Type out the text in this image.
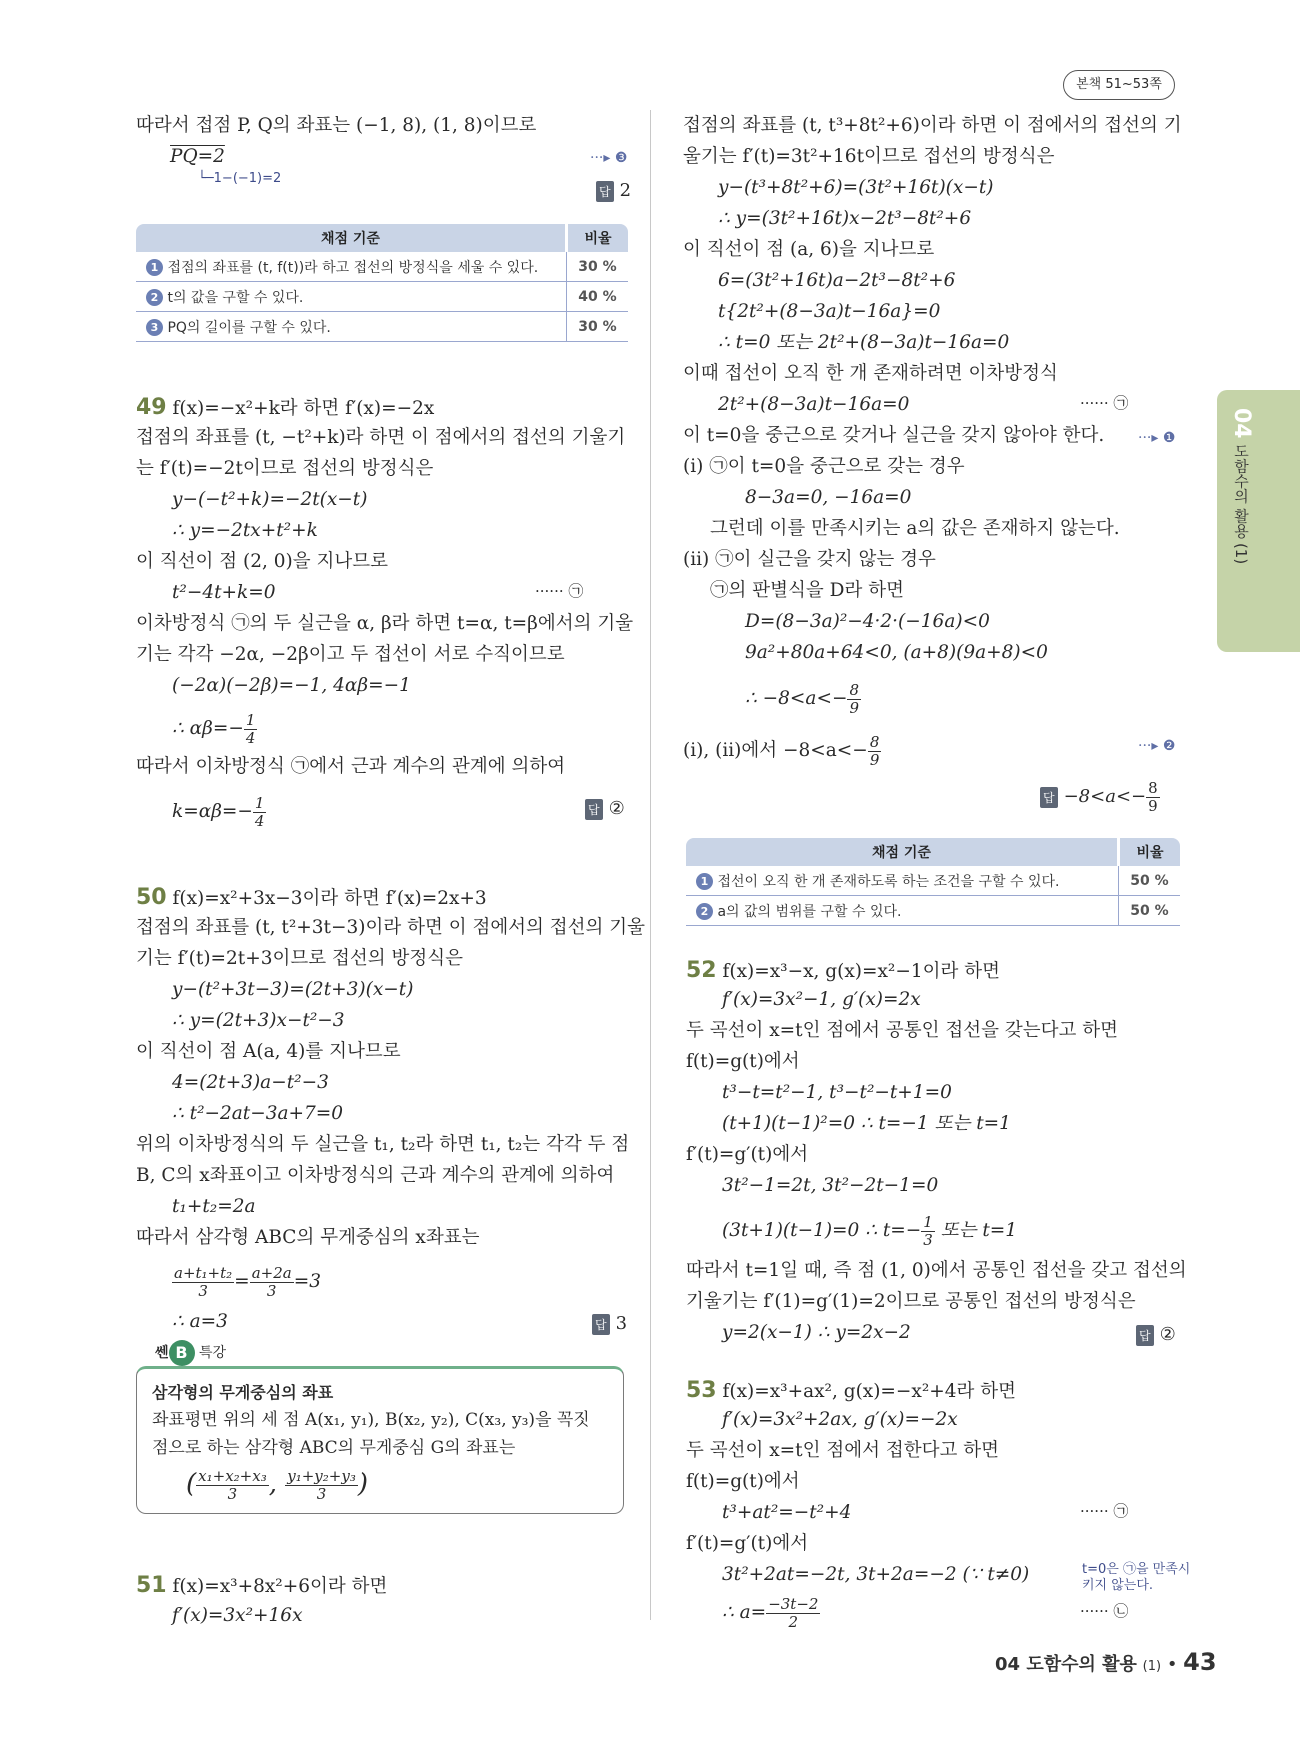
본책 51~53쪽
04 도함수의 활용 (1)
따라서 접점 P, Q의 좌표는 (−1, 8), (1, 8)이므로
PQ=2
└─1−(−1)=2
···▸ ❸
답 2
채점 기준	비율
1 접점의 좌표를 (t, f(t))라 하고 접선의 방정식을 세울 수 있다.	30 %
2 t의 값을 구할 수 있다.	40 %
3 PQ의 길이를 구할 수 있다.	30 %
49 f(x)=−x²+k라 하면 f′(x)=−2x
접점의 좌표를 (t, −t²+k)라 하면 이 점에서의 접선의 기울기
는 f′(t)=−2t이므로 접선의 방정식은
y−(−t²+k)=−2t(x−t)
∴ y=−2tx+t²+k
이 직선이 점 (2, 0)을 지나므로
t²−4t+k=0	······ ㉠
이차방정식 ㉠의 두 실근을 α, β라 하면 t=α, t=β에서의 기울
기는 각각 −2α, −2β이고 두 접선이 서로 수직이므로
(−2α)(−2β)=−1, 4αβ=−1
∴ $\alpha\beta=- \frac{1}{4}$
따라서 이차방정식 ㉠에서 근과 계수의 관계에 의하여
$k=\alpha\beta=- \frac{1}{4}$	답 ②
50 f(x)=x²+3x−3이라 하면 f′(x)=2x+3
접점의 좌표를 (t, t²+3t−3)이라 하면 이 점에서의 접선의 기울
기는 f′(t)=2t+3이므로 접선의 방정식은
y−(t²+3t−3)=(2t+3)(x−t)
∴ y=(2t+3)x−t²−3
이 직선이 점 A(a, 4)를 지나므로
4=(2t+3)a−t²−3
∴ t²−2at−3a+7=0
위의 이차방정식의 두 실근을 t₁, t₂라 하면 t₁, t₂는 각각 두 점
B, C의 x좌표이고 이차방정식의 근과 계수의 관계에 의하여
t₁+t₂=2a
따라서 삼각형 ABC의 무게중심의 x좌표는
$\frac{\text{a+t₁+t₂}}{3} = \frac{a+2a}{3} =3$
∴ a=3	답 3
쎈 B 특강
삼각형의 무게중심의 좌표
좌표평면 위의 세 점 A(x₁, y₁), B(x₂, y₂), C(x₃, y₃)을 꼭짓
점으로 하는 삼각형 ABC의 무게중심 G의 좌표는
( $\frac{\text{x₁+x₂+x₃}}{3}$ , $\frac{\text{y₁+y₂+y₃}}{3}$ )
51 f(x)=x³+8x²+6이라 하면
f′(x)=3x²+16x
접점의 좌표를 (t, t³+8t²+6)이라 하면 이 점에서의 접선의 기
울기는 f′(t)=3t²+16t이므로 접선의 방정식은
y−(t³+8t²+6)=(3t²+16t)(x−t)
∴ y=(3t²+16t)x−2t³−8t²+6
이 직선이 점 (a, 6)을 지나므로
6=(3t²+16t)a−2t³−8t²+6
t{2t²+(8−3a)t−16a}=0
∴ t=0 또는 2t²+(8−3a)t−16a=0
이때 접선이 오직 한 개 존재하려면 이차방정식
2t²+(8−3a)t−16a=0	······ ㉠
이 t=0을 중근으로 갖거나 실근을 갖지 않아야 한다. ···▸ ❶
(i) ㉠이 t=0을 중근으로 갖는 경우
8−3a=0, −16a=0
그런데 이를 만족시키는 a의 값은 존재하지 않는다.
(ii) ㉠이 실근을 갖지 않는 경우
㉠의 판별식을 D라 하면
D=(8−3a)²−4·2·(−16a)<0
9a²+80a+64<0, (a+8)(9a+8)<0
∴ $-8<a<- \frac{8}{9}$
(i), (ii)에서 $-8<a<- \frac{8}{9}$	···▸ ❷
답 $-8<a<- \frac{8}{9}$
채점 기준	비율
1 접선이 오직 한 개 존재하도록 하는 조건을 구할 수 있다.	50 %
2 a의 값의 범위를 구할 수 있다.	50 %
52 f(x)=x³−x, g(x)=x²−1이라 하면
f′(x)=3x²−1, g′(x)=2x
두 곡선이 x=t인 점에서 공통인 접선을 갖는다고 하면
f(t)=g(t)에서
t³−t=t²−1, t³−t²−t+1=0
(t+1)(t−1)²=0 ∴ t=−1 또는 t=1
f′(t)=g′(t)에서
3t²−1=2t, 3t²−2t−1=0
(3t+1)(t−1)=0 ∴ $t=- \frac{1}{3}$ 또는 t=1
따라서 t=1일 때, 즉 점 (1, 0)에서 공통인 접선을 갖고 접선의
기울기는 f′(1)=g′(1)=2이므로 공통인 접선의 방정식은
y=2(x−1) ∴ y=2x−2	답 ②
53 f(x)=x³+ax², g(x)=−x²+4라 하면
f′(x)=3x²+2ax, g′(x)=−2x
두 곡선이 x=t인 점에서 접한다고 하면
f(t)=g(t)에서
t³+at²=−t²+4	······ ㉠
f′(t)=g′(t)에서
3t²+2at=−2t, 3t+2a=−2 (∵ t≠0)	t=0은 ㉠을 만족시키지 않는다.
∴ $a= \frac{-3t-2}{2}$	······ ㉡
04 도함수의 활용 (1) • 43
